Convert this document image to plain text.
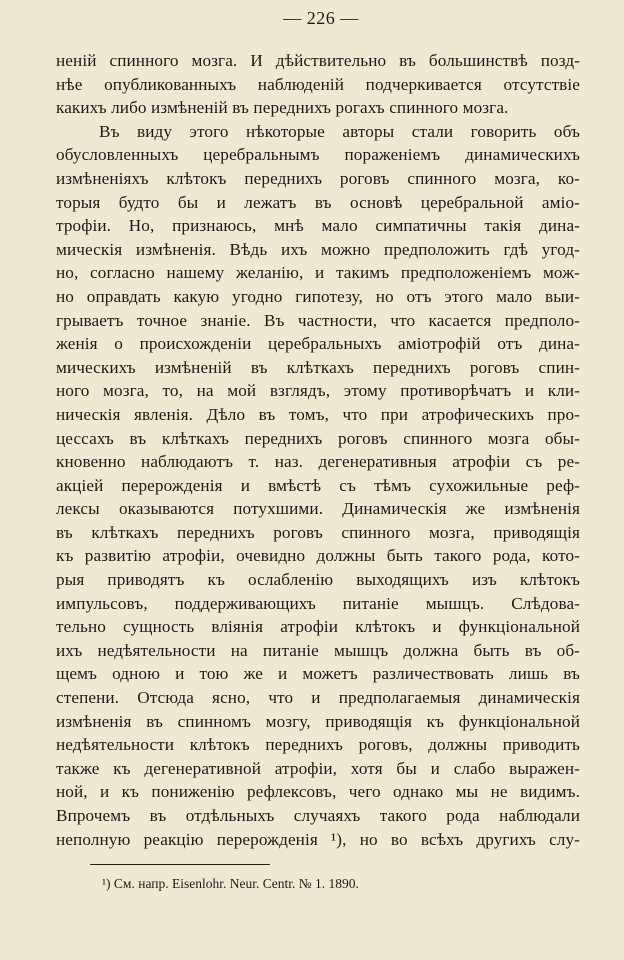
— 226 —
неній спинного мозга. И дѣйствительно въ большинствѣ позд-
нѣе опубликованныхъ наблюденій подчеркивается отсутствіе
какихъ либо измѣненій въ переднихъ рогахъ спинного мозга.
Въ виду этого нѣкоторые авторы стали говорить объ
обусловленныхъ церебральнымъ пораженіемъ динамическихъ
измѣненіяхъ клѣтокъ переднихъ роговъ спинного мозга, ко-
торыя будто бы и лежатъ въ основѣ церебральной аміо-
трофіи. Но, признаюсь, мнѣ мало симпатичны такія дина-
мическія измѣненія. Вѣдь ихъ можно предположить гдѣ угод-
но, согласно нашему желанію, и такимъ предположеніемъ мож-
но оправдать какую угодно гипотезу, но отъ этого мало выи-
грываетъ точное знаніе. Въ частности, что касается предполо-
женія о происхожденіи церебральныхъ аміотрофій отъ дина-
мическихъ измѣненій въ клѣткахъ переднихъ роговъ спин-
ного мозга, то, на мой взглядъ, этому противорѣчатъ и кли-
ническія явленія. Дѣло въ томъ, что при атрофическихъ про-
цессахъ въ клѣткахъ переднихъ роговъ спинного мозга обы-
кновенно наблюдаютъ т. наз. дегенеративныя атрофіи съ ре-
акціей перерожденія и вмѣстѣ съ тѣмъ сухожильные реф-
лексы оказываются потухшими. Динамическія же измѣненія
въ клѣткахъ переднихъ роговъ спинного мозга, приводящія
къ развитію атрофіи, очевидно должны быть такого рода, кото-
рыя приводятъ къ ослабленію выходящихъ изъ клѣтокъ
импульсовъ, поддерживающихъ питаніе мышцъ. Слѣдова-
тельно сущность вліянія атрофіи клѣтокъ и функціональной
ихъ недѣятельности на питаніе мышцъ должна быть въ об-
щемъ одною и тою же и можетъ различествовать лишь въ
степени. Отсюда ясно, что и предполагаемыя динамическія
измѣненія въ спинномъ мозгу, приводящія къ функціональной
недѣятельности клѣтокъ переднихъ роговъ, должны приводить
также къ дегенеративной атрофіи, хотя бы и слабо выражен-
ной, и къ пониженію рефлексовъ, чего однако мы не видимъ.
Впрочемъ въ отдѣльныхъ случаяхъ такого рода наблюдали
неполную реакцію перерожденія ¹), но во всѣхъ другихъ слу-
¹) См. напр. Eisenlohr. Neur. Centr. № 1. 1890.
